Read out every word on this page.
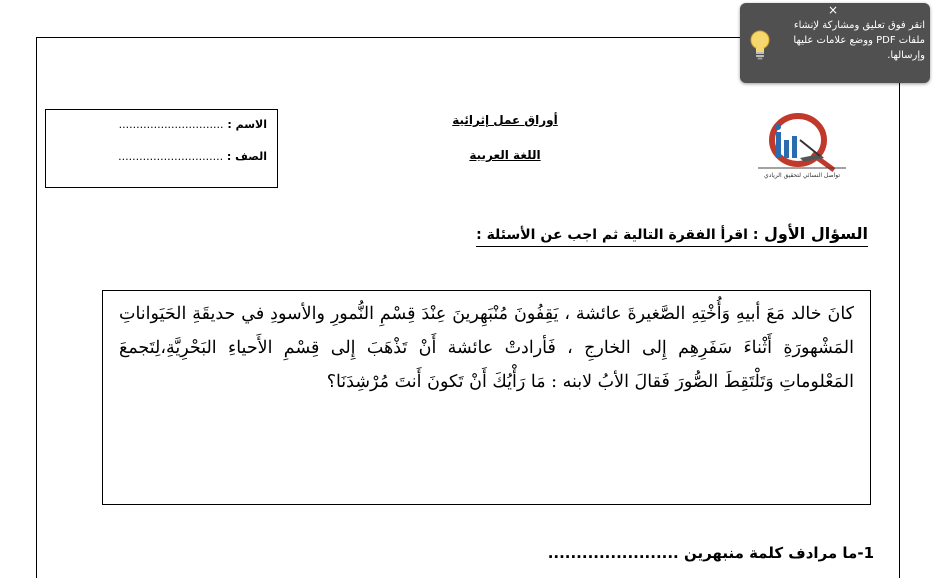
الاسم : ..............................
الصف : ..............................
أوراق عمل إثرائية
اللغة العربية
تواصل النسائي لتحقيق الريادي
السؤال الأول : اقرأ الفقرة التالية ثم اجب عن الأسئلة :
كانَ خالد مَعَ أبيهِ وَأُخْتِهِ الصَّغيرةَ عائشة ، يَقِفُونَ مُنْبَهِرينَ عِنْدَ قِسْمِ النُّمورِ والأسودِ في حديقَةِ الحَيَواناتِ المَشْهورَةِ أَثْناءَ سَفَرِهِم إِلى الخارجِ ، فَأرادتْ عائشة أَنْ تَذْهَبَ إِلى قِسْمِ الأَحياءِ البَحْرِيَّةِ،لِتَجمعَ المَعْلوماتِ وَتَلْتَقِطَ الصُّورَ فَقالَ الأبُ لابنه : مَا رَأْيُكَ أَنْ تَكونَ أَنتَ مُرْشِدَنَا؟
1-ما مرادف كلمة منبهرين .......................
×
انقر فوق تعليق ومشاركة لإنشاء ملفات PDF ووضع علامات عليها وإرسالها.
